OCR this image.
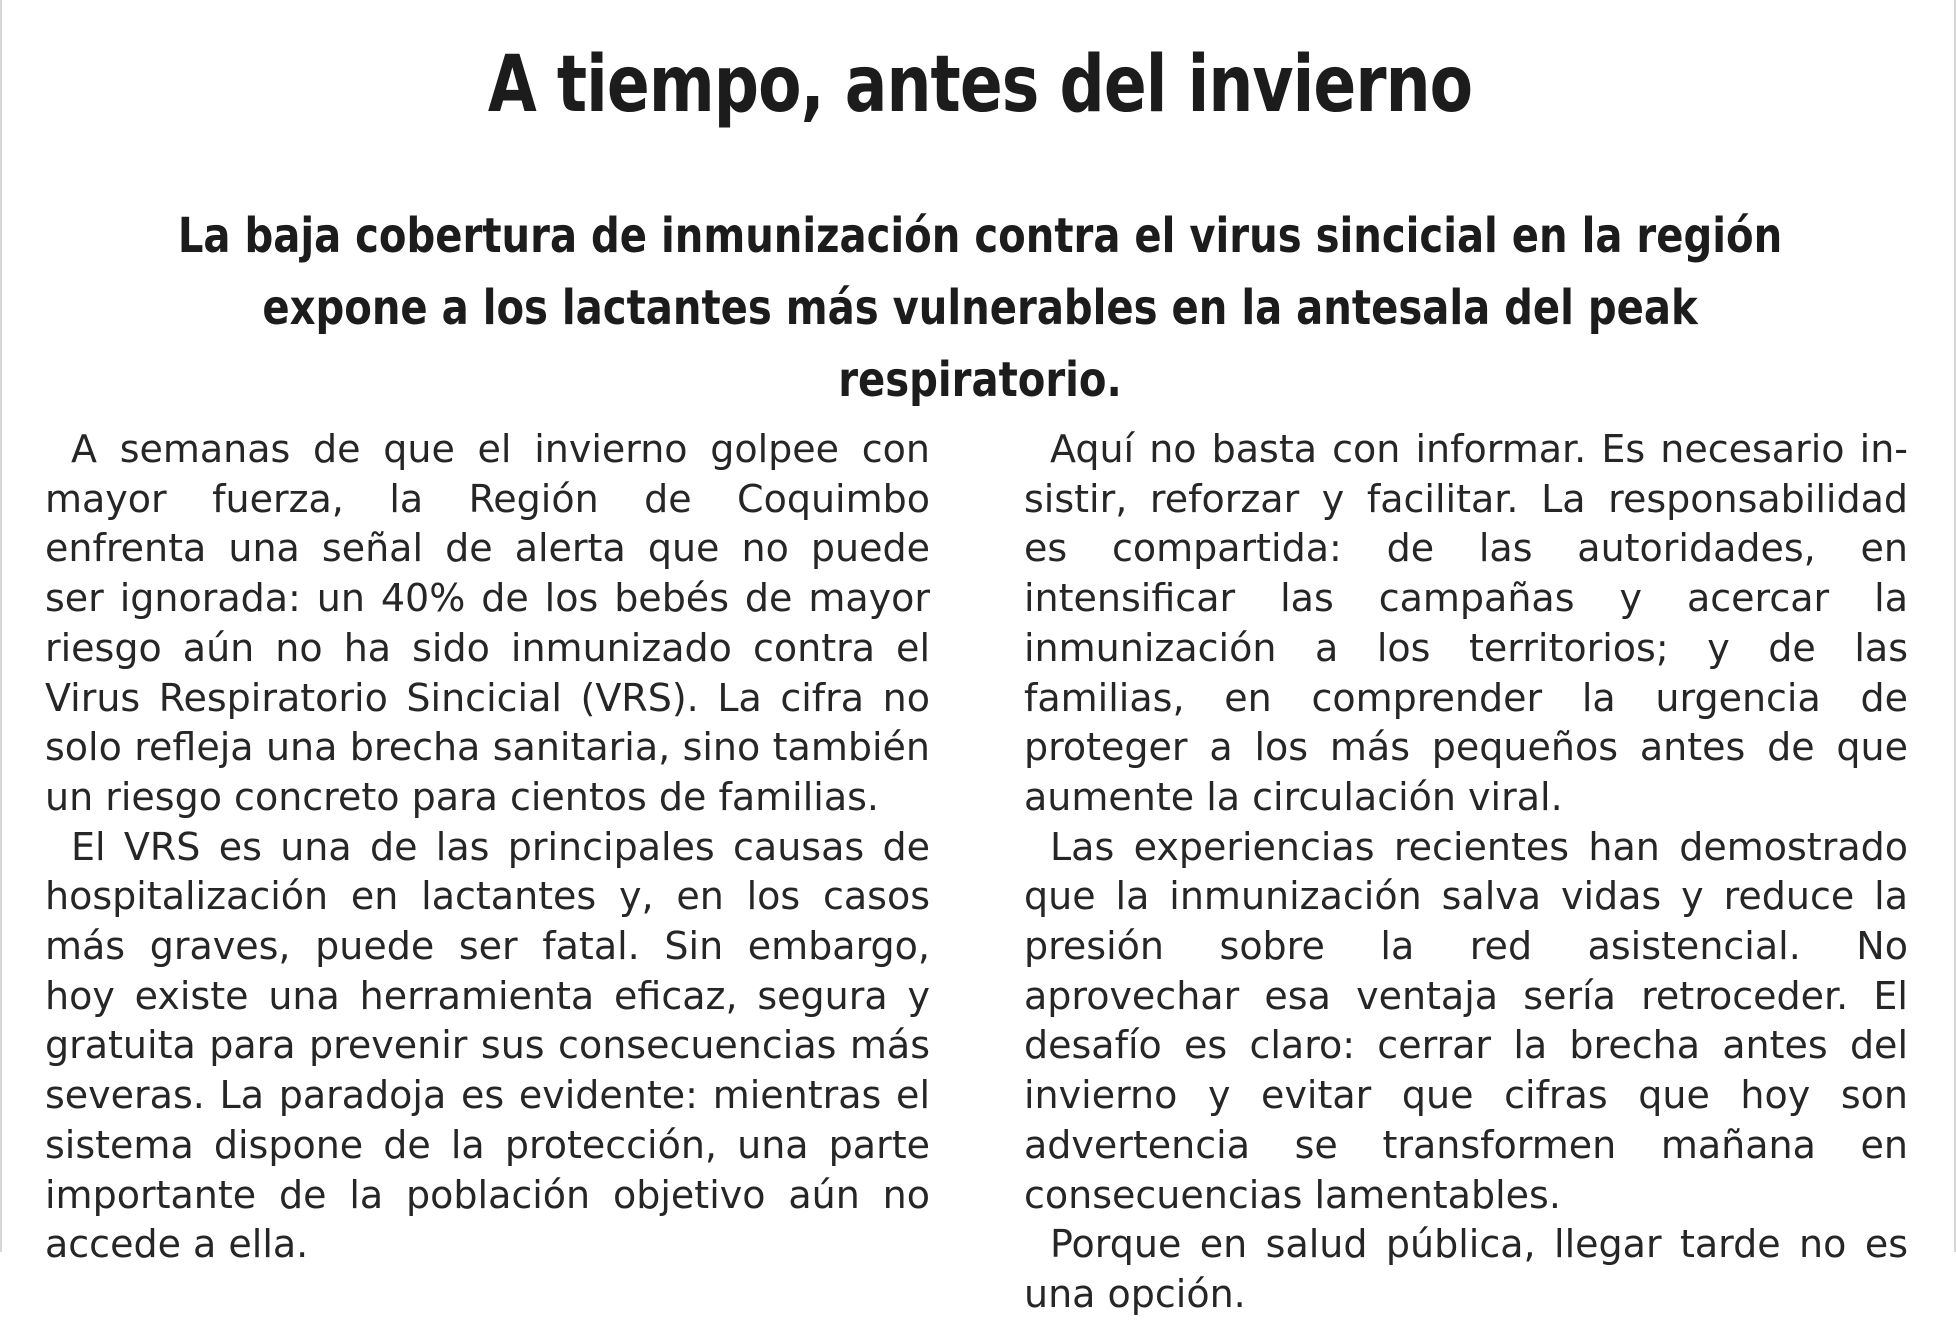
A tiempo, antes del invierno
La baja cobertura de inmunización contra el virus sincicial en la región expone a los lactantes más vulnerables en la antesala del peak respiratorio.

A semanas de que el invierno golpee con mayor fuerza, la Región de Coquimbo enfrenta una señal de alerta que no puede ser ignorada: un 40% de los bebés de mayor riesgo aún no ha sido inmunizado contra el Virus Respiratorio Sincicial (VRS). La cifra no solo refleja una brecha sanitaria, sino también un riesgo concreto para cientos de familias.

El VRS es una de las principales causas de hospitalización en lactantes y, en los casos más graves, puede ser fatal. Sin embargo, hoy existe una herramienta eficaz, segura y gratuita para prevenir sus consecuencias más severas. La paradoja es evidente: mientras el sistema dispone de la protección, una parte importante de la población objetivo aún no accede a ella.

Aquí no basta con informar. Es necesario insistir, reforzar y facilitar. La responsabilidad es compartida: de las autoridades, en intensificar las campañas y acercar la inmunización a los territorios; y de las familias, en comprender la urgencia de proteger a los más pequeños antes de que aumente la circulación viral.

Las experiencias recientes han demostrado que la inmunización salva vidas y reduce la presión sobre la red asistencial. No aprovechar esa ventaja sería retroceder. El desafío es claro: cerrar la brecha antes del invierno y evitar que cifras que hoy son advertencia se transformen mañana en consecuencias lamentables.

Porque en salud pública, llegar tarde no es una opción.
